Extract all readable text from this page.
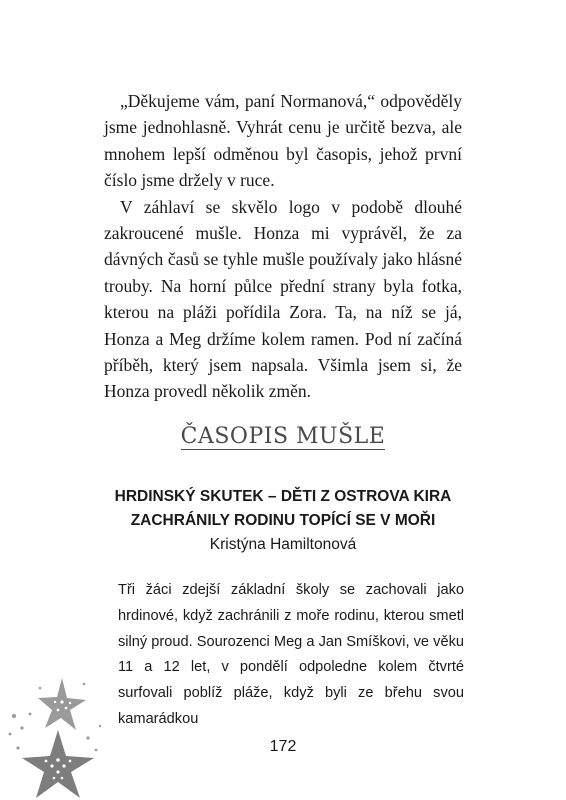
„Děkujeme vám, paní Normanová,“ odpověděly jsme jednohlasně. Vyhrát cenu je určitě bezva, ale mnohem lepší odměnou byl časopis, jehož první číslo jsme držely v ruce.

V záhlaví se skvělo logo v podobě dlouhé zakroucené mušle. Honza mi vyprávěl, že za dávných časů se tyhle mušle používaly jako hlásné trouby. Na horní půlce přední strany byla fotka, kterou na pláži pořídila Zora. Ta, na níž se já, Honza a Meg držíme kolem ramen. Pod ní začíná příběh, který jsem napsala. Všimla jsem si, že Honza provedl několik změn.

ČASOPIS MUŠLE

HRDINSKÝ SKUTEK – DĚTI Z OSTROVA KIRA

ZACHRÁNILY RODINU TOPÍCÍ SE V MOŘI

Kristýna Hamiltonová

Tři žáci zdejší základní školy se zachovali jako hrdinové, když zachránili z moře rodinu, kterou smetl silný proud. Sourozenci Meg a Jan Smíškovi, ve věku 11 a 12 let, v pondělí odpoledne kolem čtvrté surfovali poblíž pláže, když byli ze břehu svou kamarádkou

172
